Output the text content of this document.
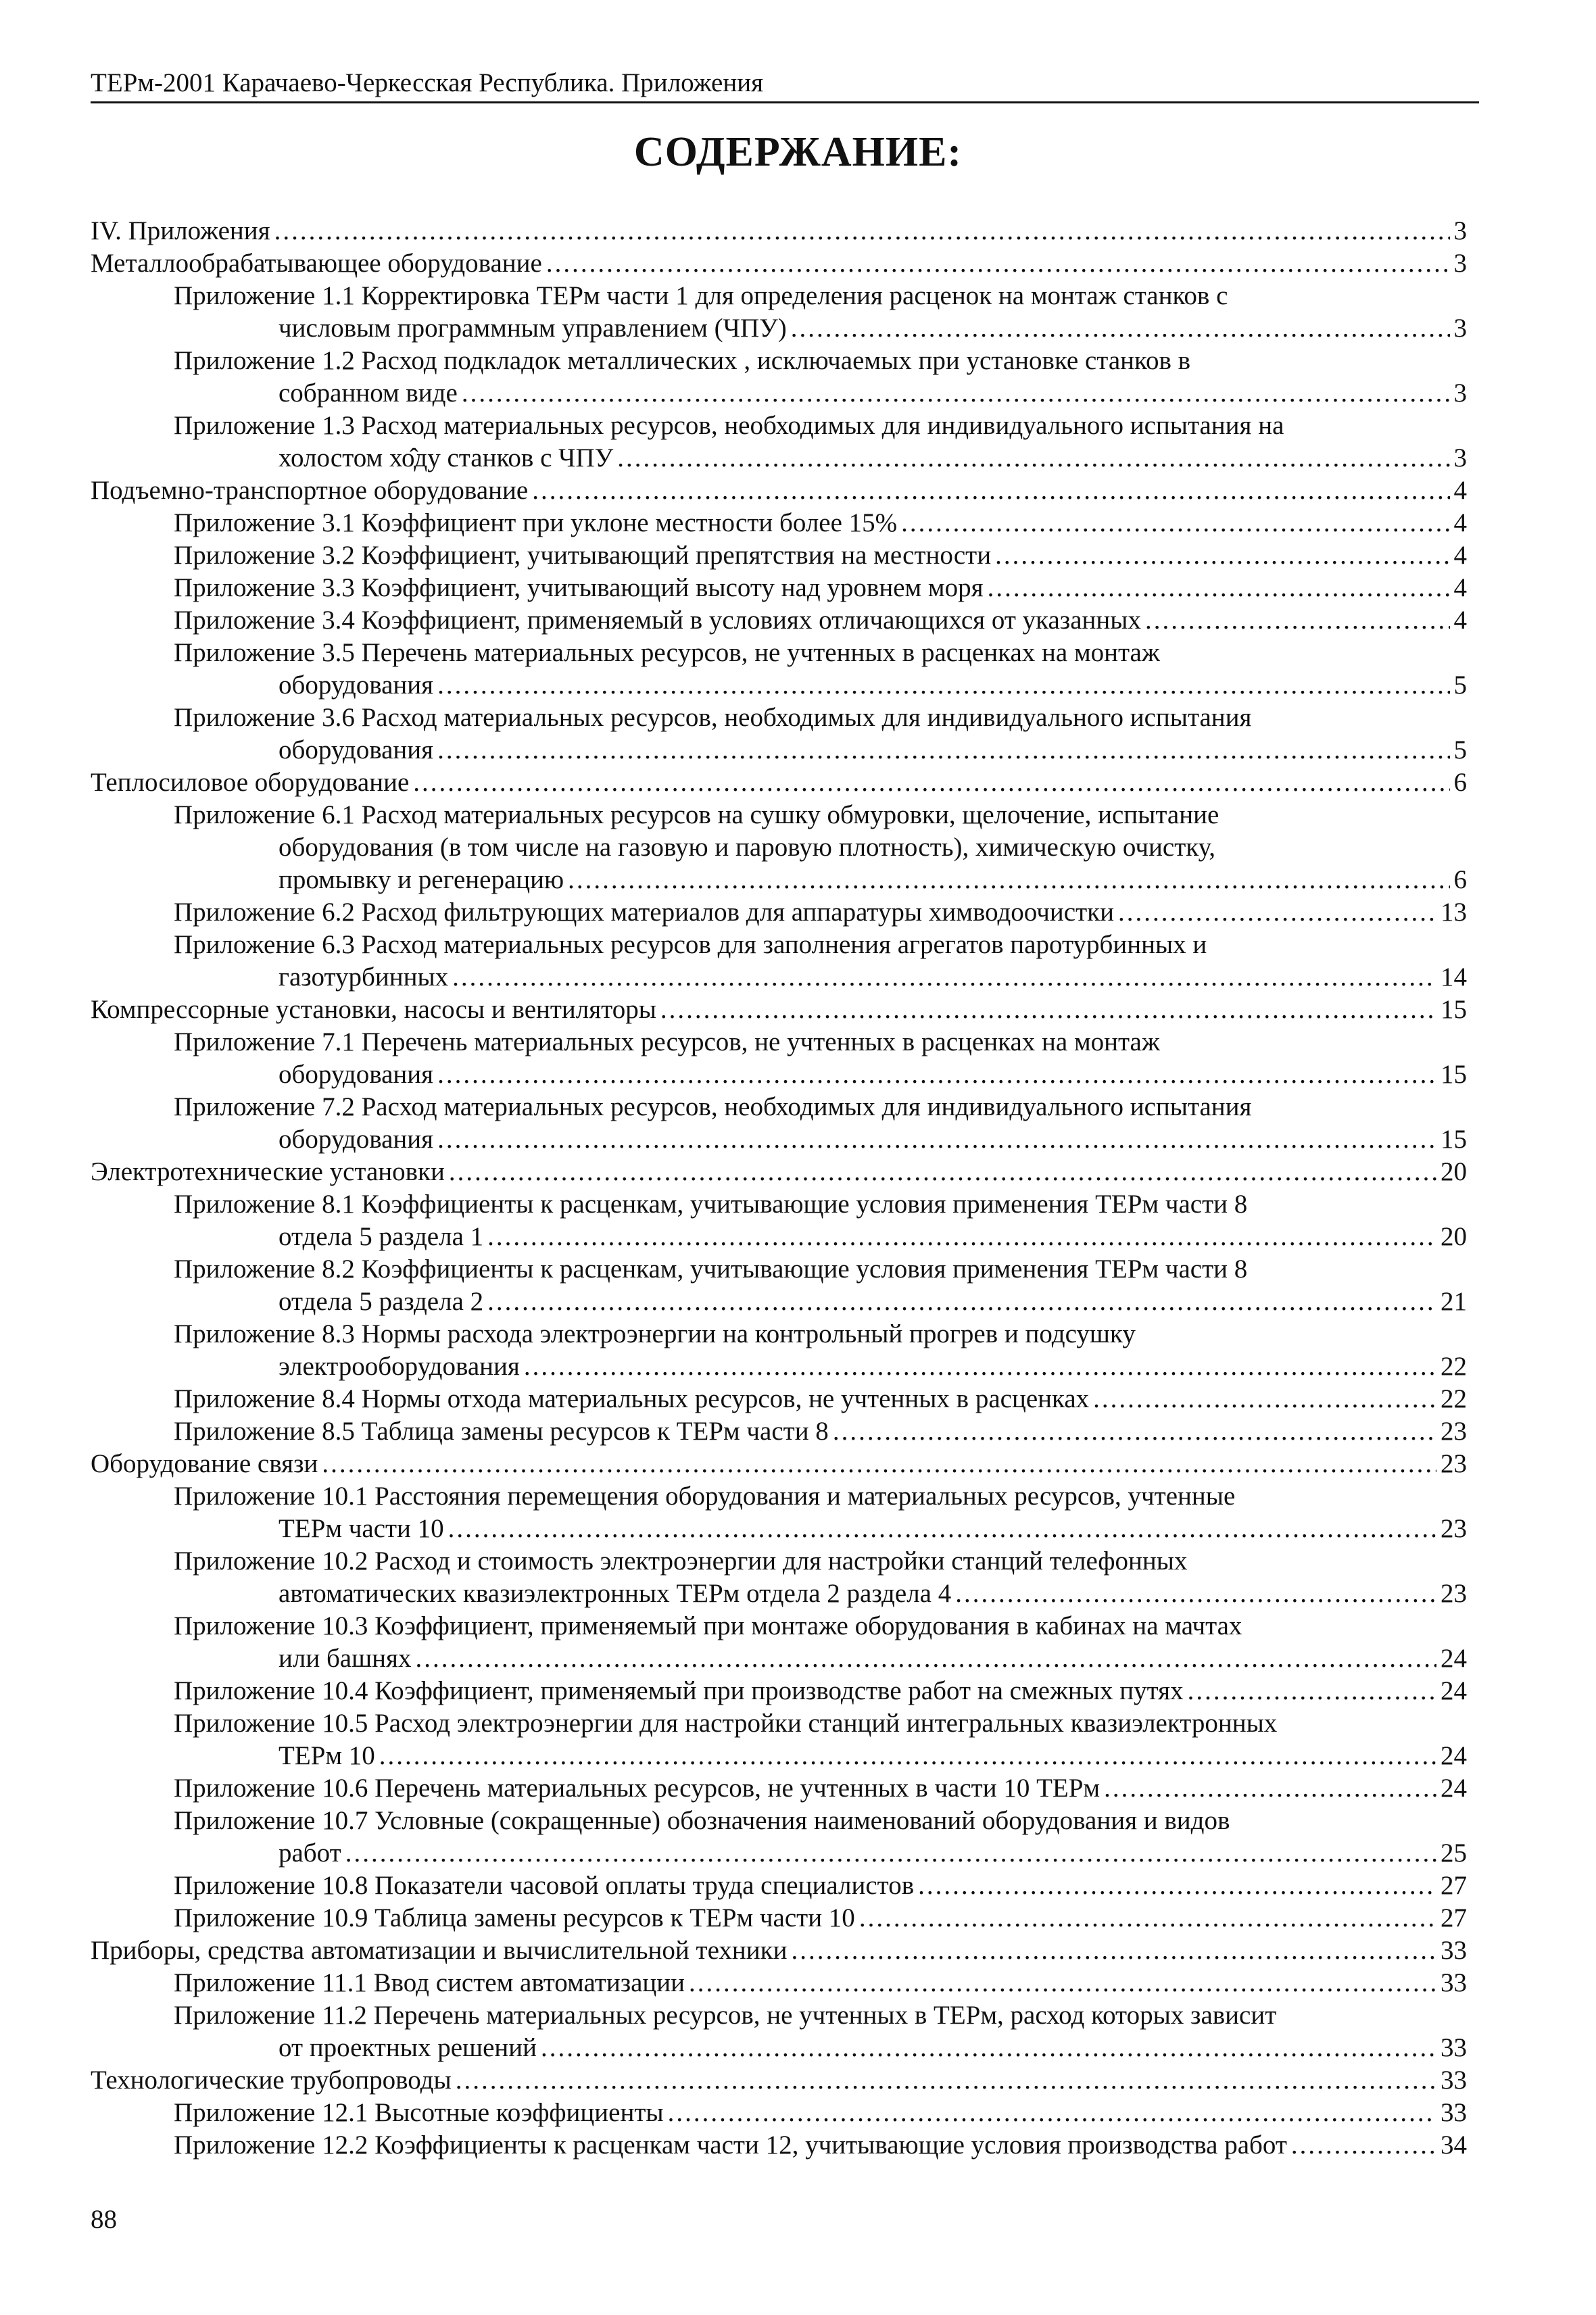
ТЕРм-2001 Карачаево-Черкесская Республика. Приложения
СОДЕРЖАНИЕ:
IV. Приложения .....	3
Металлообрабатывающее оборудование .....	3
Приложение 1.1 Корректировка ТЕРм части 1 для определения расценок на монтаж станков с
числовым программным управлением (ЧПУ) .....	3
Приложение 1.2 Расход подкладок металлических , исключаемых при установке станков в
собранном виде .....	3
Приложение 1.3 Расход материальных ресурсов, необходимых для индивидуального испытания на
холостом хо̂ду станков с ЧПУ .....	3
Подъемно-транспортное оборудование .....	4
Приложение 3.1 Коэффициент при уклоне местности более 15% .....	4
Приложение 3.2 Коэффициент, учитывающий препятствия на местности .....	4
Приложение 3.3 Коэффициент, учитывающий высоту над уровнем моря .....	4
Приложение 3.4 Коэффициент, применяемый в условиях отличающихся от указанных .....	4
Приложение 3.5 Перечень материальных ресурсов, не учтенных в расценках на монтаж
оборудования .....	5
Приложение 3.6 Расход материальных ресурсов, необходимых для индивидуального испытания
оборудования .....	5
Теплосиловое оборудование .....	6
Приложение 6.1 Расход материальных ресурсов на сушку обмуровки, щелочение, испытание
оборудования (в том числе на газовую и паровую плотность), химическую очистку,
промывку и регенерацию .....	6
Приложение 6.2 Расход фильтрующих материалов для аппаратуры химводоочистки .....	13
Приложение 6.3 Расход материальных ресурсов для заполнения агрегатов паротурбинных и
газотурбинных .....	14
Компрессорные установки, насосы и вентиляторы .....	15
Приложение 7.1 Перечень материальных ресурсов, не учтенных в расценках на монтаж
оборудования .....	15
Приложение 7.2 Расход материальных ресурсов, необходимых для индивидуального испытания
оборудования .....	15
Электротехнические установки .....	20
Приложение 8.1 Коэффициенты к расценкам, учитывающие условия применения ТЕРм части 8
отдела 5 раздела 1 .....	20
Приложение 8.2 Коэффициенты к расценкам, учитывающие условия применения ТЕРм части 8
отдела 5 раздела 2 .....	21
Приложение 8.3 Нормы расхода электроэнергии на контрольный прогрев и подсушку
электрооборудования .....	22
Приложение 8.4 Нормы отхода материальных ресурсов, не учтенных в расценках .....	22
Приложение 8.5 Таблица замены ресурсов к ТЕРм части 8 .....	23
Оборудование связи .....	23
Приложение 10.1 Расстояния перемещения оборудования и материальных ресурсов, учтенные
ТЕРм части 10 .....	23
Приложение 10.2 Расход и стоимость электроэнергии для настройки станций телефонных
автоматических квазиэлектронных ТЕРм отдела 2 раздела 4 .....	23
Приложение 10.3 Коэффициент, применяемый при монтаже оборудования в кабинах на мачтах
или башнях .....	24
Приложение 10.4 Коэффициент, применяемый при производстве работ на смежных путях .....	24
Приложение 10.5 Расход электроэнергии для настройки станций интегральных квазиэлектронных
ТЕРм 10 .....	24
Приложение 10.6 Перечень материальных ресурсов, не учтенных в части 10 ТЕРм .....	24
Приложение 10.7 Условные (сокращенные) обозначения наименований оборудования и видов
работ .....	25
Приложение 10.8 Показатели часовой оплаты труда специалистов .....	27
Приложение 10.9 Таблица замены ресурсов к ТЕРм части 10 .....	27
Приборы, средства автоматизации и вычислительной техники .....	33
Приложение 11.1 Ввод систем автоматизации .....	33
Приложение 11.2 Перечень материальных ресурсов, не учтенных в ТЕРм, расход которых зависит
от проектных решений .....	33
Технологические трубопроводы .....	33
Приложение 12.1 Высотные коэффициенты .....	33
Приложение 12.2 Коэффициенты к расценкам части 12, учитывающие условия производства работ .....	34
88
